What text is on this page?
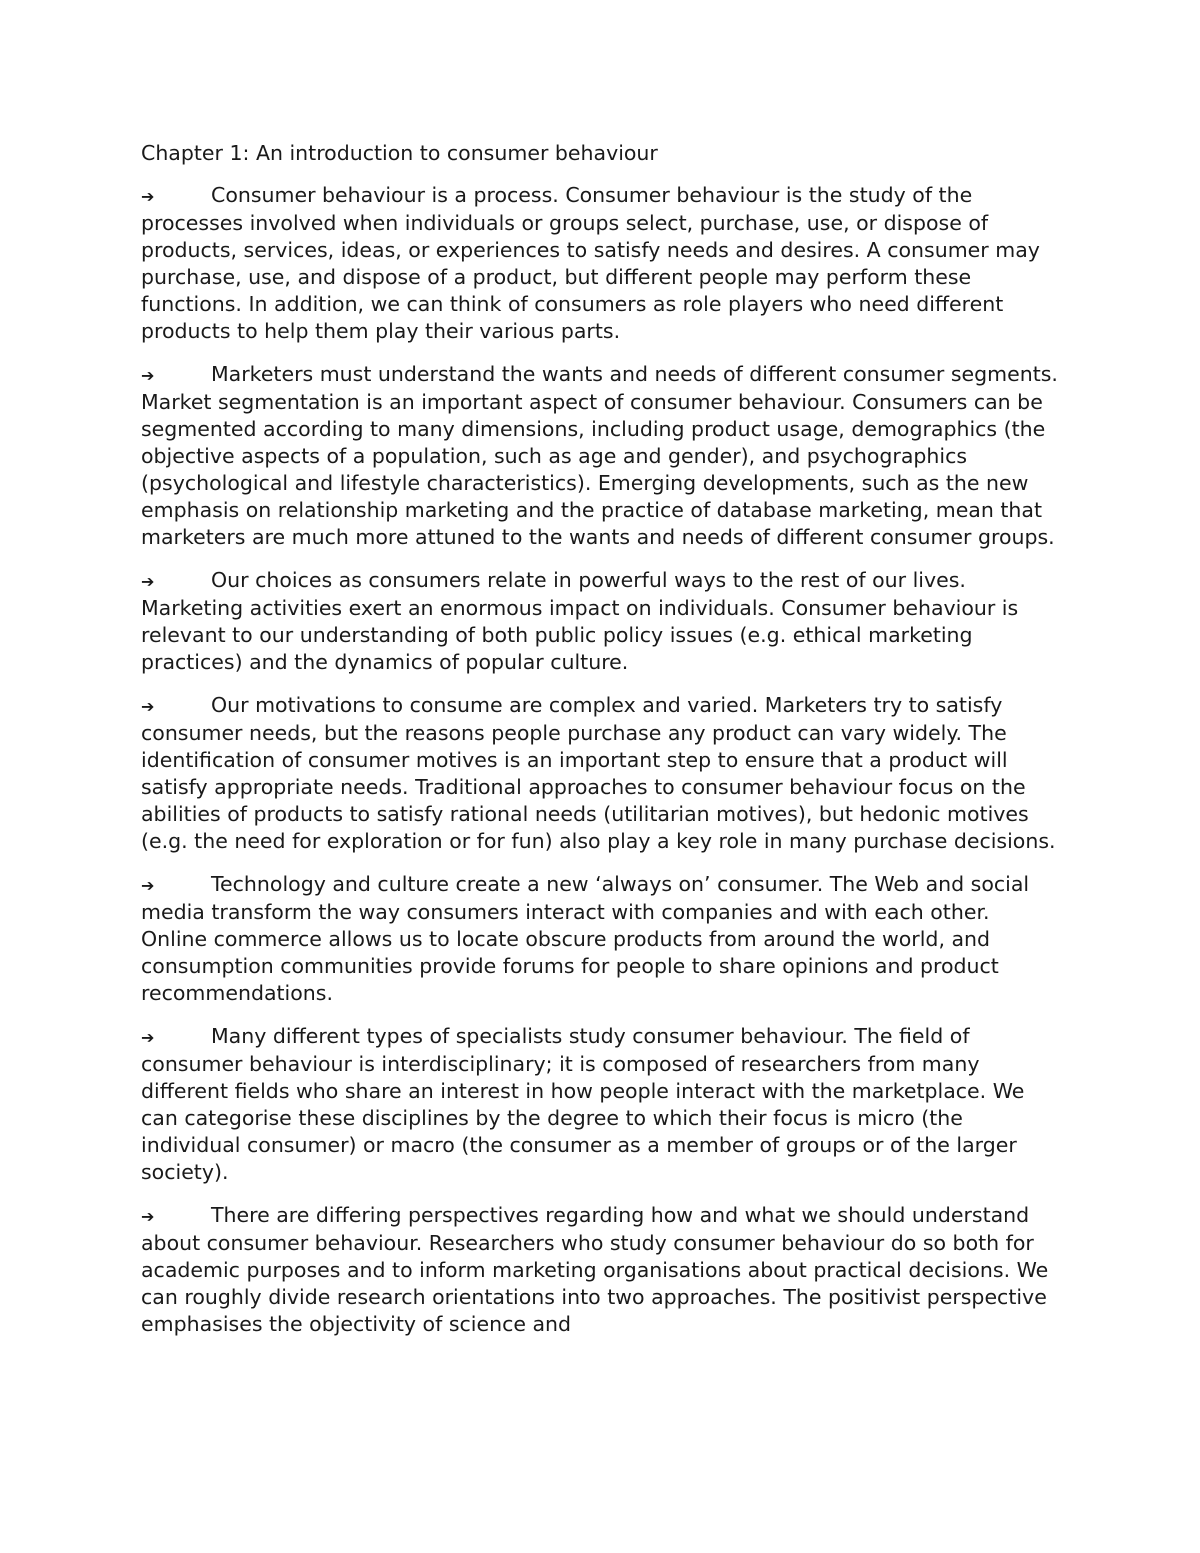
Chapter 1: An introduction to consumer behaviour

➔	Consumer behaviour is a process. Consumer behaviour is the study of the processes involved when individuals or groups select, purchase, use, or dispose of products, services, ideas, or experiences to satisfy needs and desires. A consumer may purchase, use, and dispose of a product, but different people may perform these functions. In addition, we can think of consumers as role players who need different products to help them play their various parts.

➔	Marketers must understand the wants and needs of different consumer segments. Market segmentation is an important aspect of consumer behaviour. Consumers can be segmented according to many dimensions, including product usage, demographics (the objective aspects of a population, such as age and gender), and psychographics (psychological and lifestyle characteristics). Emerging developments, such as the new emphasis on relationship marketing and the practice of database marketing, mean that marketers are much more attuned to the wants and needs of different consumer groups.

➔	Our choices as consumers relate in powerful ways to the rest of our lives. Marketing activities exert an enormous impact on individuals. Consumer behaviour is relevant to our understanding of both public policy issues (e.g. ethical marketing practices) and the dynamics of popular culture.

➔	Our motivations to consume are complex and varied. Marketers try to satisfy consumer needs, but the reasons people purchase any product can vary widely. The identification of consumer motives is an important step to ensure that a product will satisfy appropriate needs. Traditional approaches to consumer behaviour focus on the abilities of products to satisfy rational needs (utilitarian motives), but hedonic motives (e.g. the need for exploration or for fun) also play a key role in many purchase decisions.

➔	Technology and culture create a new ‘always on’ consumer. The Web and social media transform the way consumers interact with companies and with each other. Online commerce allows us to locate obscure products from around the world, and consumption communities provide forums for people to share opinions and product recommendations.

➔	Many different types of specialists study consumer behaviour. The field of consumer behaviour is interdisciplinary; it is composed of researchers from many different fields who share an interest in how people interact with the marketplace. We can categorise these disciplines by the degree to which their focus is micro (the individual consumer) or macro (the consumer as a member of groups or of the larger society).

➔	There are differing perspectives regarding how and what we should understand about consumer behaviour. Researchers who study consumer behaviour do so both for academic purposes and to inform marketing organisations about practical decisions. We can roughly divide research orientations into two approaches. The positivist perspective emphasises the objectivity of science and
